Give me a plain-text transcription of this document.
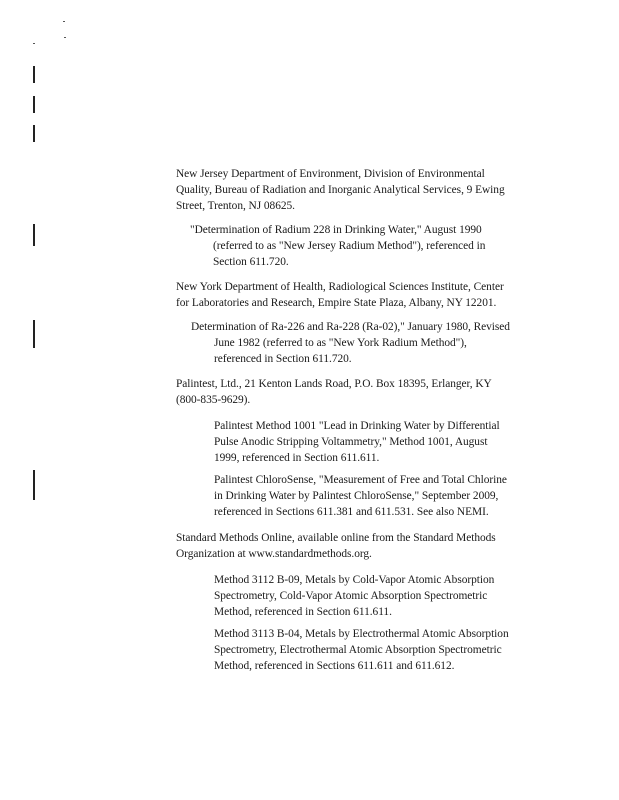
New Jersey Department of Environment, Division of Environmental
Quality, Bureau of Radiation and Inorganic Analytical Services, 9 Ewing
Street, Trenton, NJ 08625.

"Determination of Radium 228 in Drinking Water," August 1990
(referred to as "New Jersey Radium Method"), referenced in
Section 611.720.

New York Department of Health, Radiological Sciences Institute, Center
for Laboratories and Research, Empire State Plaza, Albany, NY 12201.

Determination of Ra-226 and Ra-228 (Ra-02)," January 1980, Revised
June 1982 (referred to as "New York Radium Method"),
referenced in Section 611.720.

Palintest, Ltd., 21 Kenton Lands Road, P.O. Box 18395, Erlanger, KY
(800-835-9629).

Palintest Method 1001 "Lead in Drinking Water by Differential
Pulse Anodic Stripping Voltammetry," Method 1001, August
1999, referenced in Section 611.611.

Palintest ChloroSense, "Measurement of Free and Total Chlorine
in Drinking Water by Palintest ChloroSense," September 2009,
referenced in Sections 611.381 and 611.531. See also NEMI.

Standard Methods Online, available online from the Standard Methods
Organization at www.standardmethods.org.

Method 3112 B-09, Metals by Cold-Vapor Atomic Absorption
Spectrometry, Cold-Vapor Atomic Absorption Spectrometric
Method, referenced in Section 611.611.

Method 3113 B-04, Metals by Electrothermal Atomic Absorption
Spectrometry, Electrothermal Atomic Absorption Spectrometric
Method, referenced in Sections 611.611 and 611.612.
